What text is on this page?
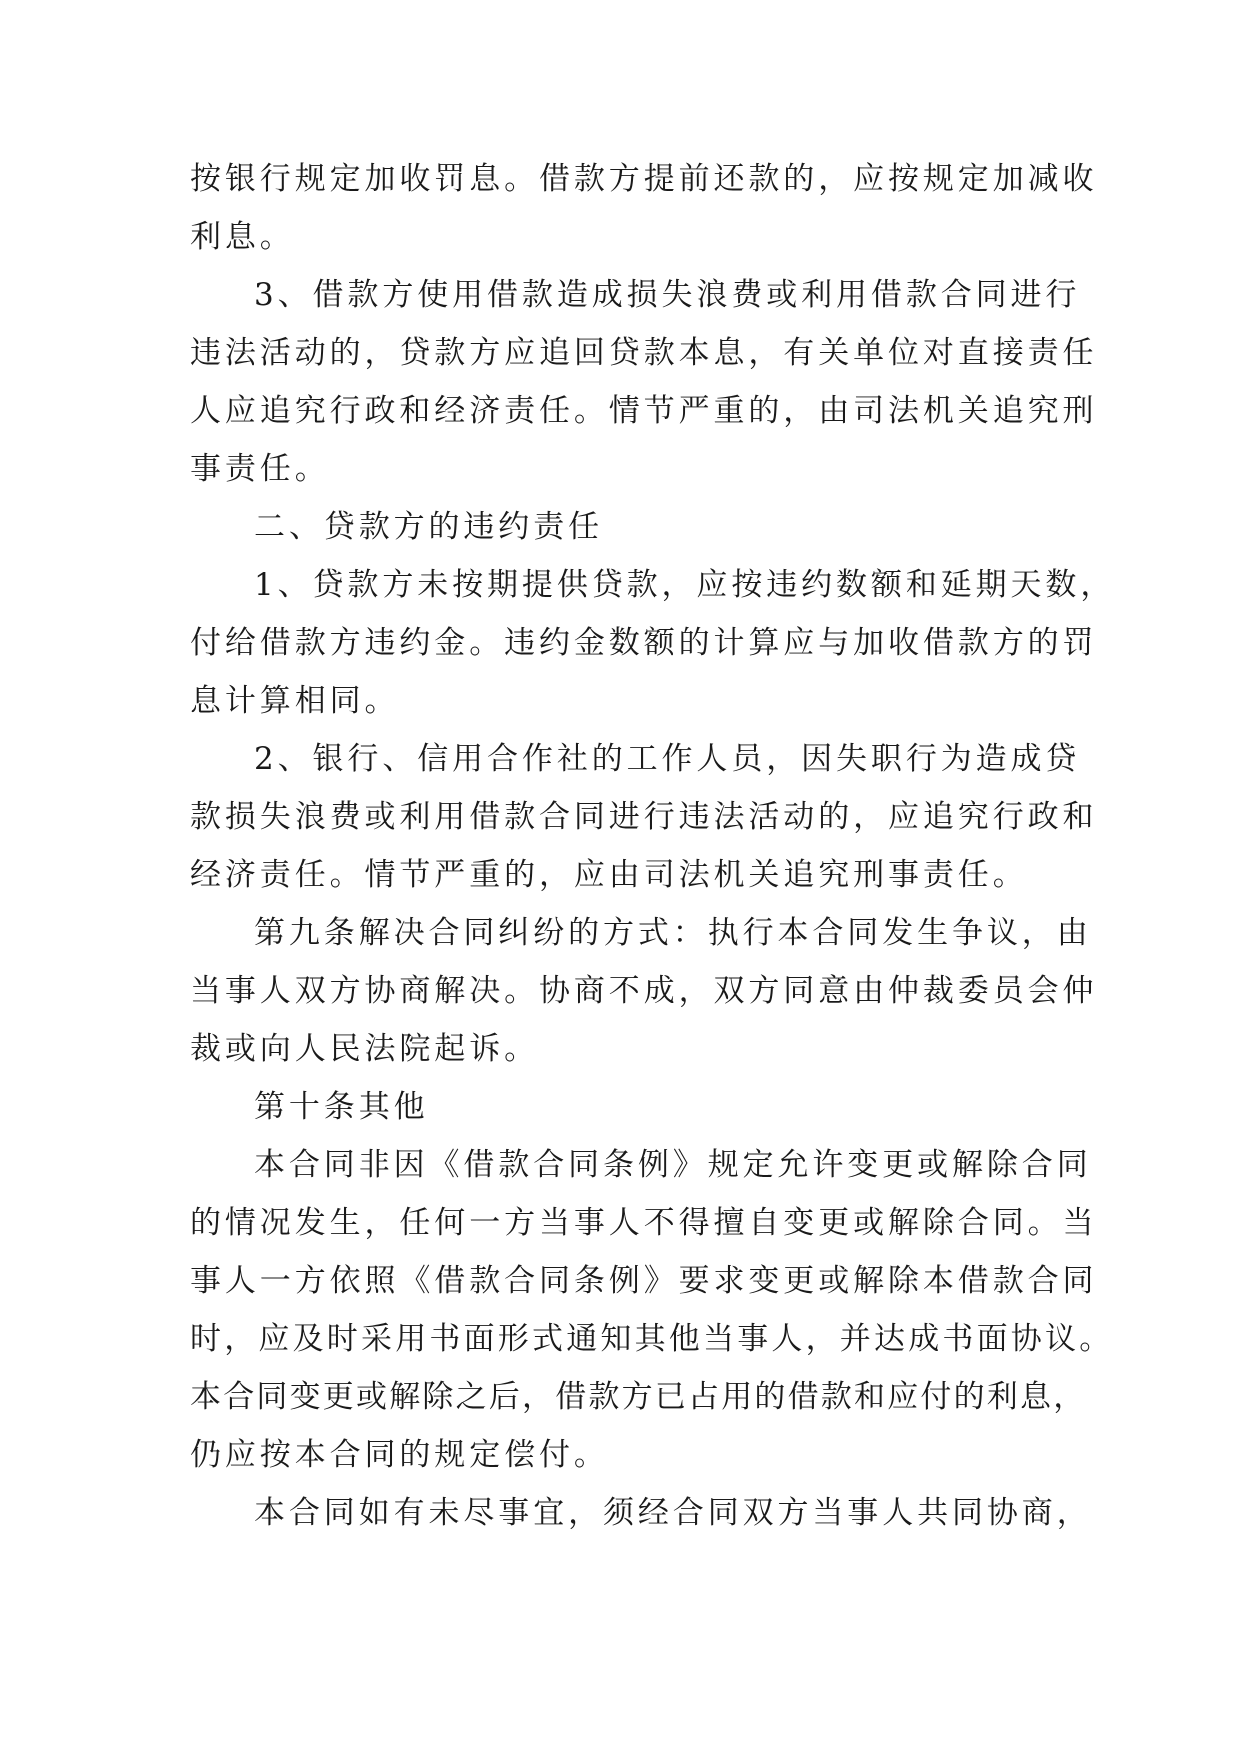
按银行规定加收罚息。借款方提前还款的，应按规定加减收
利息。
3、借款方使用借款造成损失浪费或利用借款合同进行
违法活动的，贷款方应追回贷款本息，有关单位对直接责任
人应追究行政和经济责任。情节严重的，由司法机关追究刑
事责任。
二、贷款方的违约责任
1、贷款方未按期提供贷款，应按违约数额和延期天数，
付给借款方违约金。违约金数额的计算应与加收借款方的罚
息计算相同。
2、银行、信用合作社的工作人员，因失职行为造成贷
款损失浪费或利用借款合同进行违法活动的，应追究行政和
经济责任。情节严重的，应由司法机关追究刑事责任。
第九条解决合同纠纷的方式：执行本合同发生争议，由
当事人双方协商解决。协商不成，双方同意由仲裁委员会仲
裁或向人民法院起诉。
第十条其他
本合同非因《借款合同条例》规定允许变更或解除合同
的情况发生，任何一方当事人不得擅自变更或解除合同。当
事人一方依照《借款合同条例》要求变更或解除本借款合同
时，应及时采用书面形式通知其他当事人，并达成书面协议。
本合同变更或解除之后，借款方已占用的借款和应付的利息，
仍应按本合同的规定偿付。
本合同如有未尽事宜，须经合同双方当事人共同协商，
